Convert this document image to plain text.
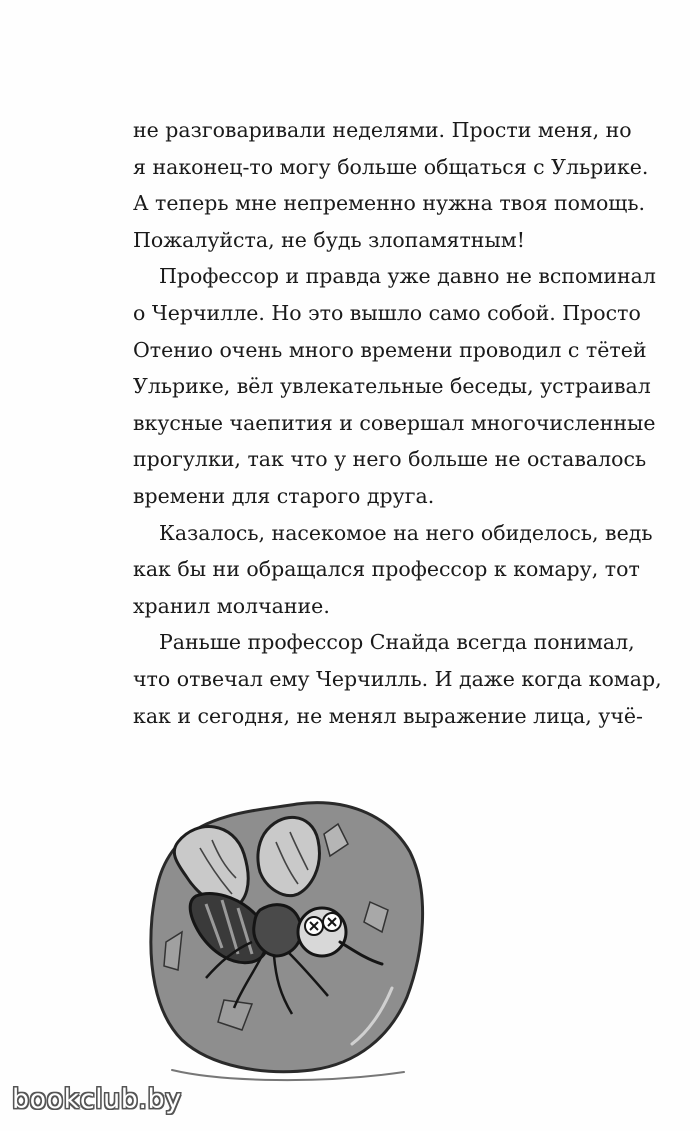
не разговаривали неделями. Прости меня, но
я наконец-то могу больше общаться с Ульрике.
А теперь мне непременно нужна твоя помощь.
Пожалуйста, не будь злопамятным!
Профессор и правда уже давно не вспоминал
о Черчилле. Но это вышло само собой. Просто
Отенио очень много времени проводил с тётей
Ульрике, вёл увлекательные беседы, устраивал
вкусные чаепития и совершал многочисленные
прогулки, так что у него больше не оставалось
времени для старого друга.
Казалось, насекомое на него обиделось, ведь
как бы ни обращался профессор к комару, тот
хранил молчание.
Раньше профессор Снайда всегда понимал,
что отвечал ему Черчилль. И даже когда комар,
как и сегодня, не менял выражение лица, учё-
bookclub.by
